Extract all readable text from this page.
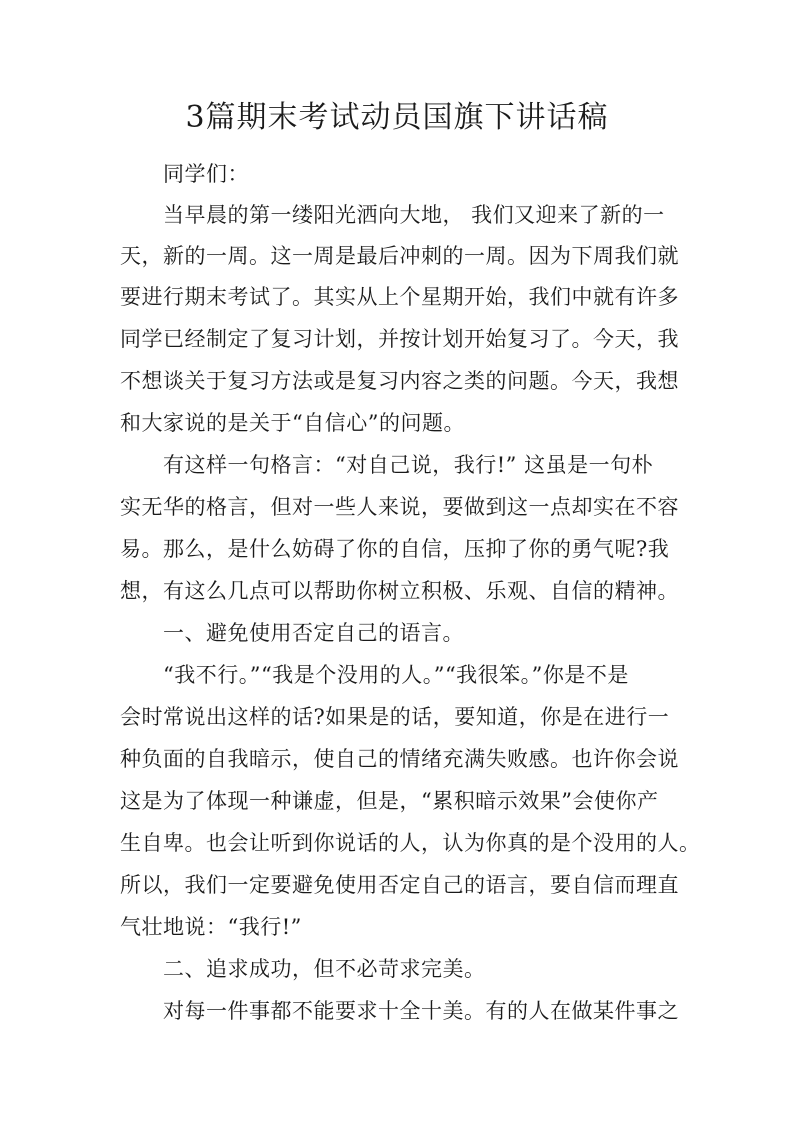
3篇期末考试动员国旗下讲话稿
同学们：
当早晨的第一缕阳光洒向大地， 我们又迎来了新的一
天，新的一周。这一周是最后冲刺的一周。因为下周我们就
要进行期末考试了。其实从上个星期开始，我们中就有许多
同学已经制定了复习计划，并按计划开始复习了。今天，我
不想谈关于复习方法或是复习内容之类的问题。今天，我想
和大家说的是关于“自信心”的问题。
有这样一句格言：“对自己说，我行!” 这虽是一句朴
实无华的格言，但对一些人来说，要做到这一点却实在不容
易。那么，是什么妨碍了你的自信，压抑了你的勇气呢?我
想，有这么几点可以帮助你树立积极、乐观、自信的精神。
一、避免使用否定自己的语言。
“我不行。”“我是个没用的人。”“我很笨。”你是不是
会时常说出这样的话?如果是的话，要知道，你是在进行一
种负面的自我暗示，使自己的情绪充满失败感。也许你会说
这是为了体现一种谦虚，但是，“累积暗示效果”会使你产
生自卑。也会让听到你说话的人，认为你真的是个没用的人。
所以，我们一定要避免使用否定自己的语言，要自信而理直
气壮地说：“我行!”
二、追求成功，但不必苛求完美。
对每一件事都不能要求十全十美。有的人在做某件事之
